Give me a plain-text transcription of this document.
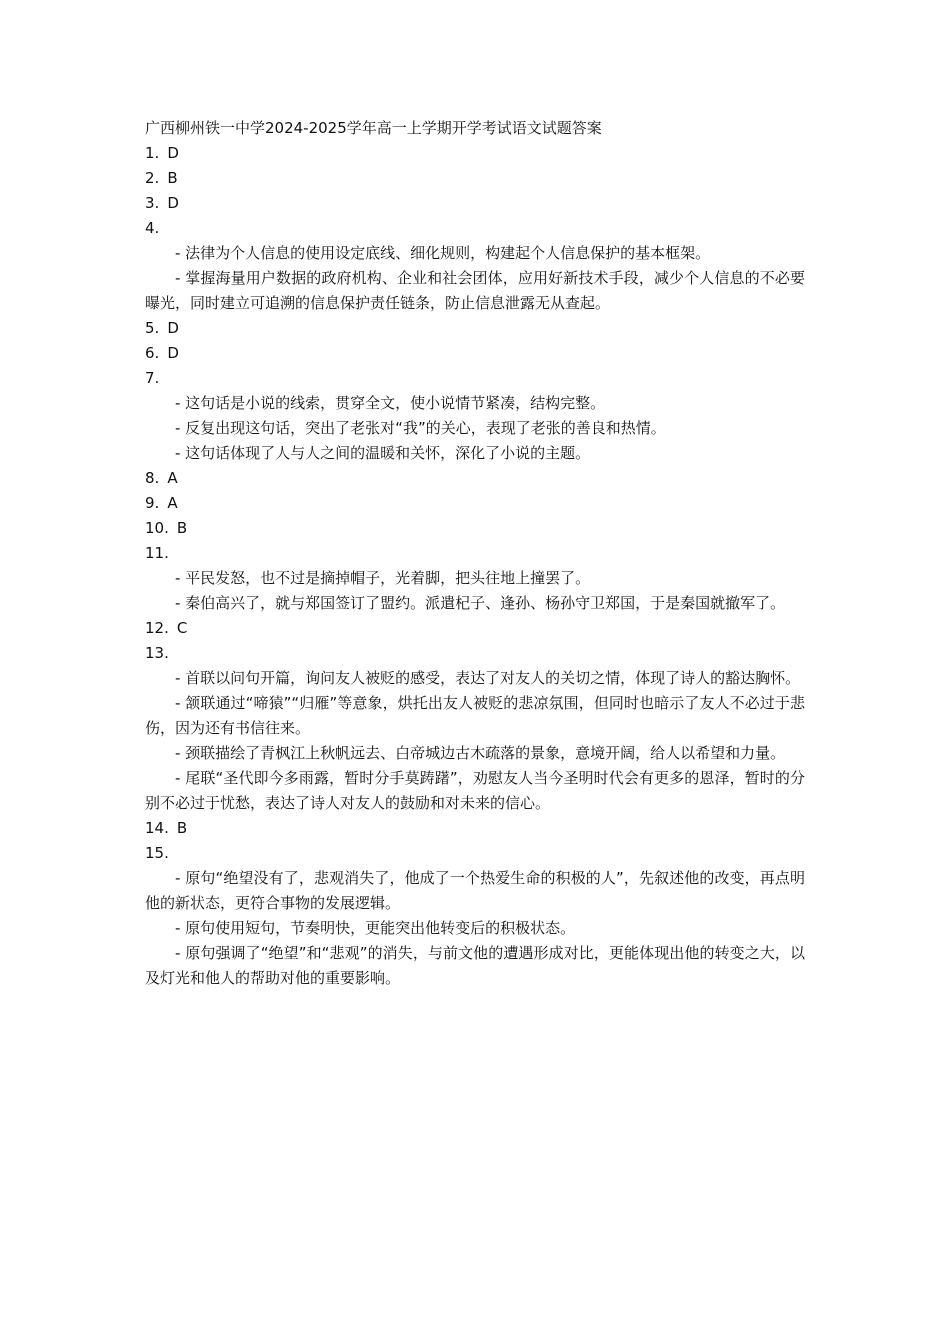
广西柳州铁一中学2024-2025学年高一上学期开学考试语文试题答案
1. D
2. B
3. D
4.

- 法律为个人信息的使用设定底线、细化规则，构建起个人信息保护的基本框架。

- 掌握海量用户数据的政府机构、企业和社会团体，应用好新技术手段，减少个人信息的不必要曝光，同时建立可追溯的信息保护责任链条，防止信息泄露无从查起。

5. D
6. D
7.

- 这句话是小说的线索，贯穿全文，使小说情节紧凑，结构完整。

- 反复出现这句话，突出了老张对“我”的关心，表现了老张的善良和热情。

- 这句话体现了人与人之间的温暖和关怀，深化了小说的主题。

8. A
9. A
10. B
11.

- 平民发怒，也不过是摘掉帽子，光着脚，把头往地上撞罢了。

- 秦伯高兴了，就与郑国签订了盟约。派遣杞子、逢孙、杨孙守卫郑国，于是秦国就撤军了。

12. C
13.

- 首联以问句开篇，询问友人被贬的感受，表达了对友人的关切之情，体现了诗人的豁达胸怀。

- 颔联通过“啼猿”“归雁”等意象，烘托出友人被贬的悲凉氛围，但同时也暗示了友人不必过于悲伤，因为还有书信往来。

- 颈联描绘了青枫江上秋帆远去、白帝城边古木疏落的景象，意境开阔，给人以希望和力量。

- 尾联“圣代即今多雨露，暂时分手莫踌躇”，劝慰友人当今圣明时代会有更多的恩泽，暂时的分别不必过于忧愁，表达了诗人对友人的鼓励和对未来的信心。

14. B
15.

- 原句“绝望没有了，悲观消失了，他成了一个热爱生命的积极的人”，先叙述他的改变，再点明他的新状态，更符合事物的发展逻辑。

- 原句使用短句，节奏明快，更能突出他转变后的积极状态。

- 原句强调了“绝望”和“悲观”的消失，与前文他的遭遇形成对比，更能体现出他的转变之大，以及灯光和他人的帮助对他的重要影响。
